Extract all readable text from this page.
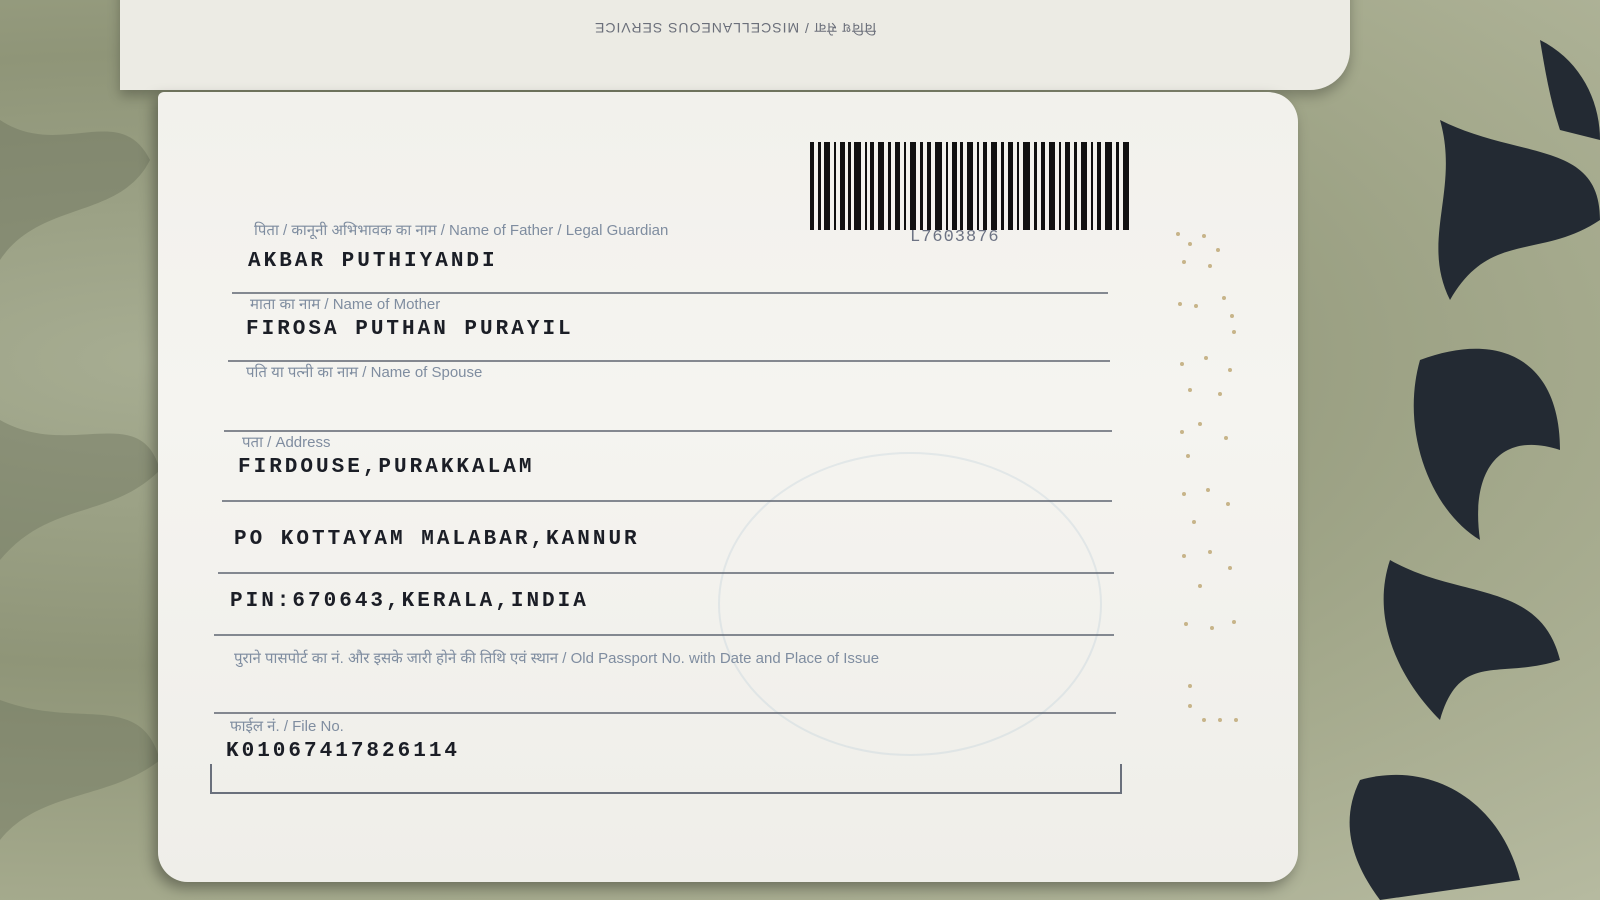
विविध सेवा / MISCELLANEOUS SERVICE
L7603876
पिता / कानूनी अभिभावक का नाम / Name of Father / Legal Guardian
AKBAR PUTHIYANDI
माता का नाम / Name of Mother
FIROSA PUTHAN PURAYIL
पति या पत्नी का नाम / Name of Spouse
पता / Address
FIRDOUSE,PURAKKALAM
PO KOTTAYAM MALABAR,KANNUR
PIN:670643,KERALA,INDIA
पुराने पासपोर्ट का नं. और इसके जारी होने की तिथि एवं स्थान / Old Passport No. with Date and Place of Issue
फाईल नं. / File No.
K01067417826114
